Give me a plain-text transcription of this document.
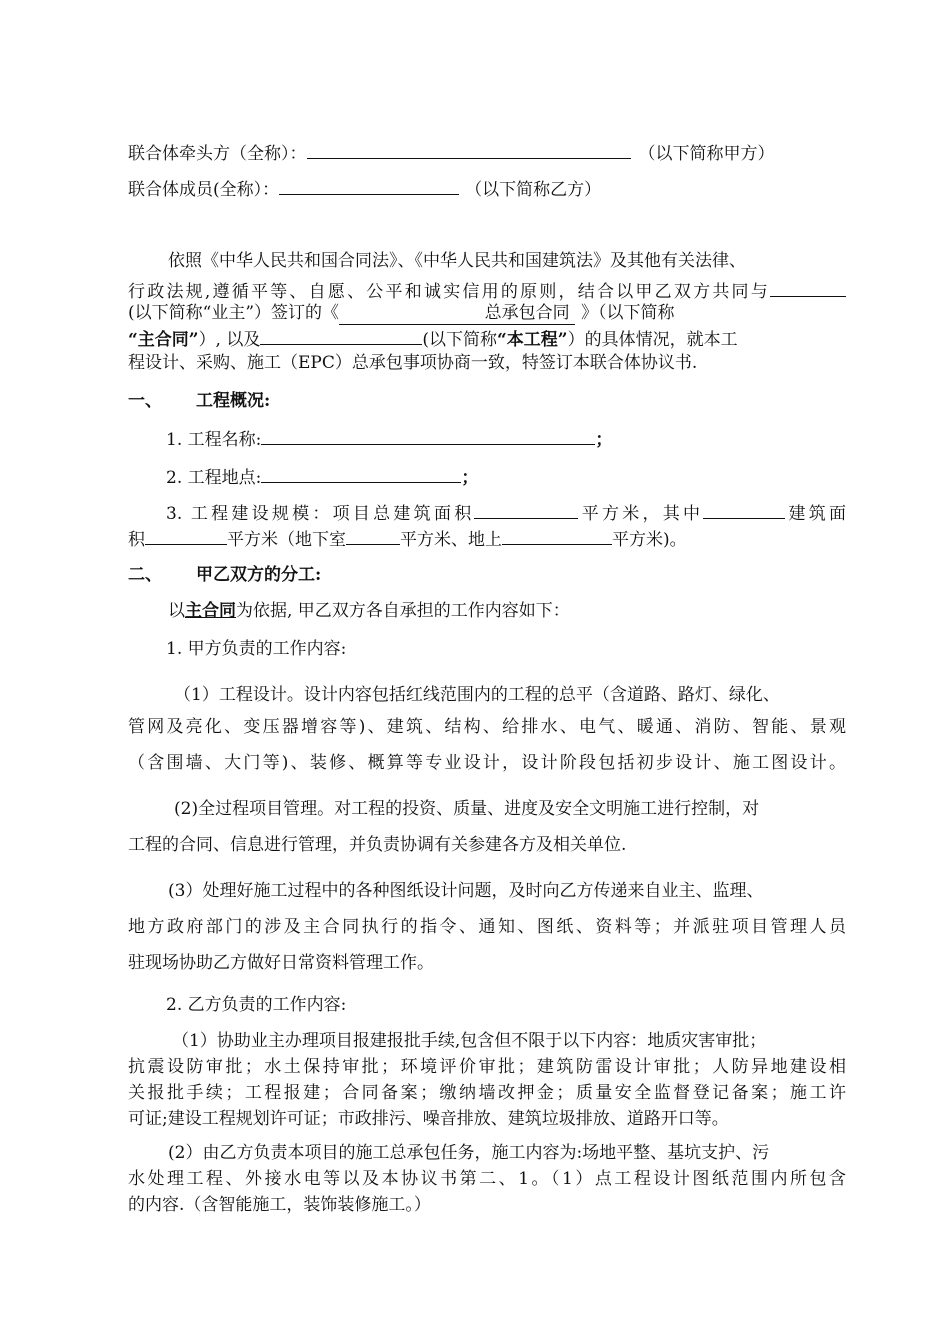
联合体牵头方（全称）：	（以下简称甲方）
联合体成员(全称）：	（以下简称乙方）
依照《中华人民共和国合同法》、《中华人民共和国建筑法》及其他有关法律、
行政法规,遵循平等、自愿、公平和诚实信用的原则，结合以甲乙双方共同与
(以下简称“业主”）签订的《	总承包合同 》（以下简称
“主合同”）, 以及	(以下简称“本工程”）的具体情况，就本工
程设计、采购、施工（EPC）总承包事项协商一致，特签订本联合体协议书.
一、 工程概况:
1. 工程名称:	；
2. 工程地点:	；
3. 工程建设规模：项目总建筑面积	平方米，其中	建筑面
积	平方米（地下室	平方米、地上	平方米)。
二、 甲乙双方的分工:
以主合同为依据, 甲乙双方各自承担的工作内容如下：
1. 甲方负责的工作内容:
（1）工程设计。设计内容包括红线范围内的工程的总平（含道路、路灯、绿化、
管网及亮化、变压器增容等)、建筑、结构、给排水、电气、暖通、消防、智能、景观
（含围墙、大门等)、装修、概算等专业设计，设计阶段包括初步设计、施工图设计。
(2)全过程项目管理。对工程的投资、质量、进度及安全文明施工进行控制，对
工程的合同、信息进行管理，并负责协调有关参建各方及相关单位.
(3）处理好施工过程中的各种图纸设计问题，及时向乙方传递来自业主、监理、
地方政府部门的涉及主合同执行的指令、通知、图纸、资料等；并派驻项目管理人员
驻现场协助乙方做好日常资料管理工作。
2. 乙方负责的工作内容:
（1）协助业主办理项目报建报批手续,包含但不限于以下内容：地质灾害审批；
抗震设防审批；水土保持审批；环境评价审批；建筑防雷设计审批；人防异地建设相
关报批手续；工程报建；合同备案；缴纳墙改押金；质量安全监督登记备案；施工许
可证;建设工程规划许可证；市政排污、噪音排放、建筑垃圾排放、道路开口等。
(2）由乙方负责本项目的施工总承包任务，施工内容为:场地平整、基坑支护、污
水处理工程、外接水电等以及本协议书第二、1。（1）点工程设计图纸范围内所包含
的内容.（含智能施工，装饰装修施工。）
